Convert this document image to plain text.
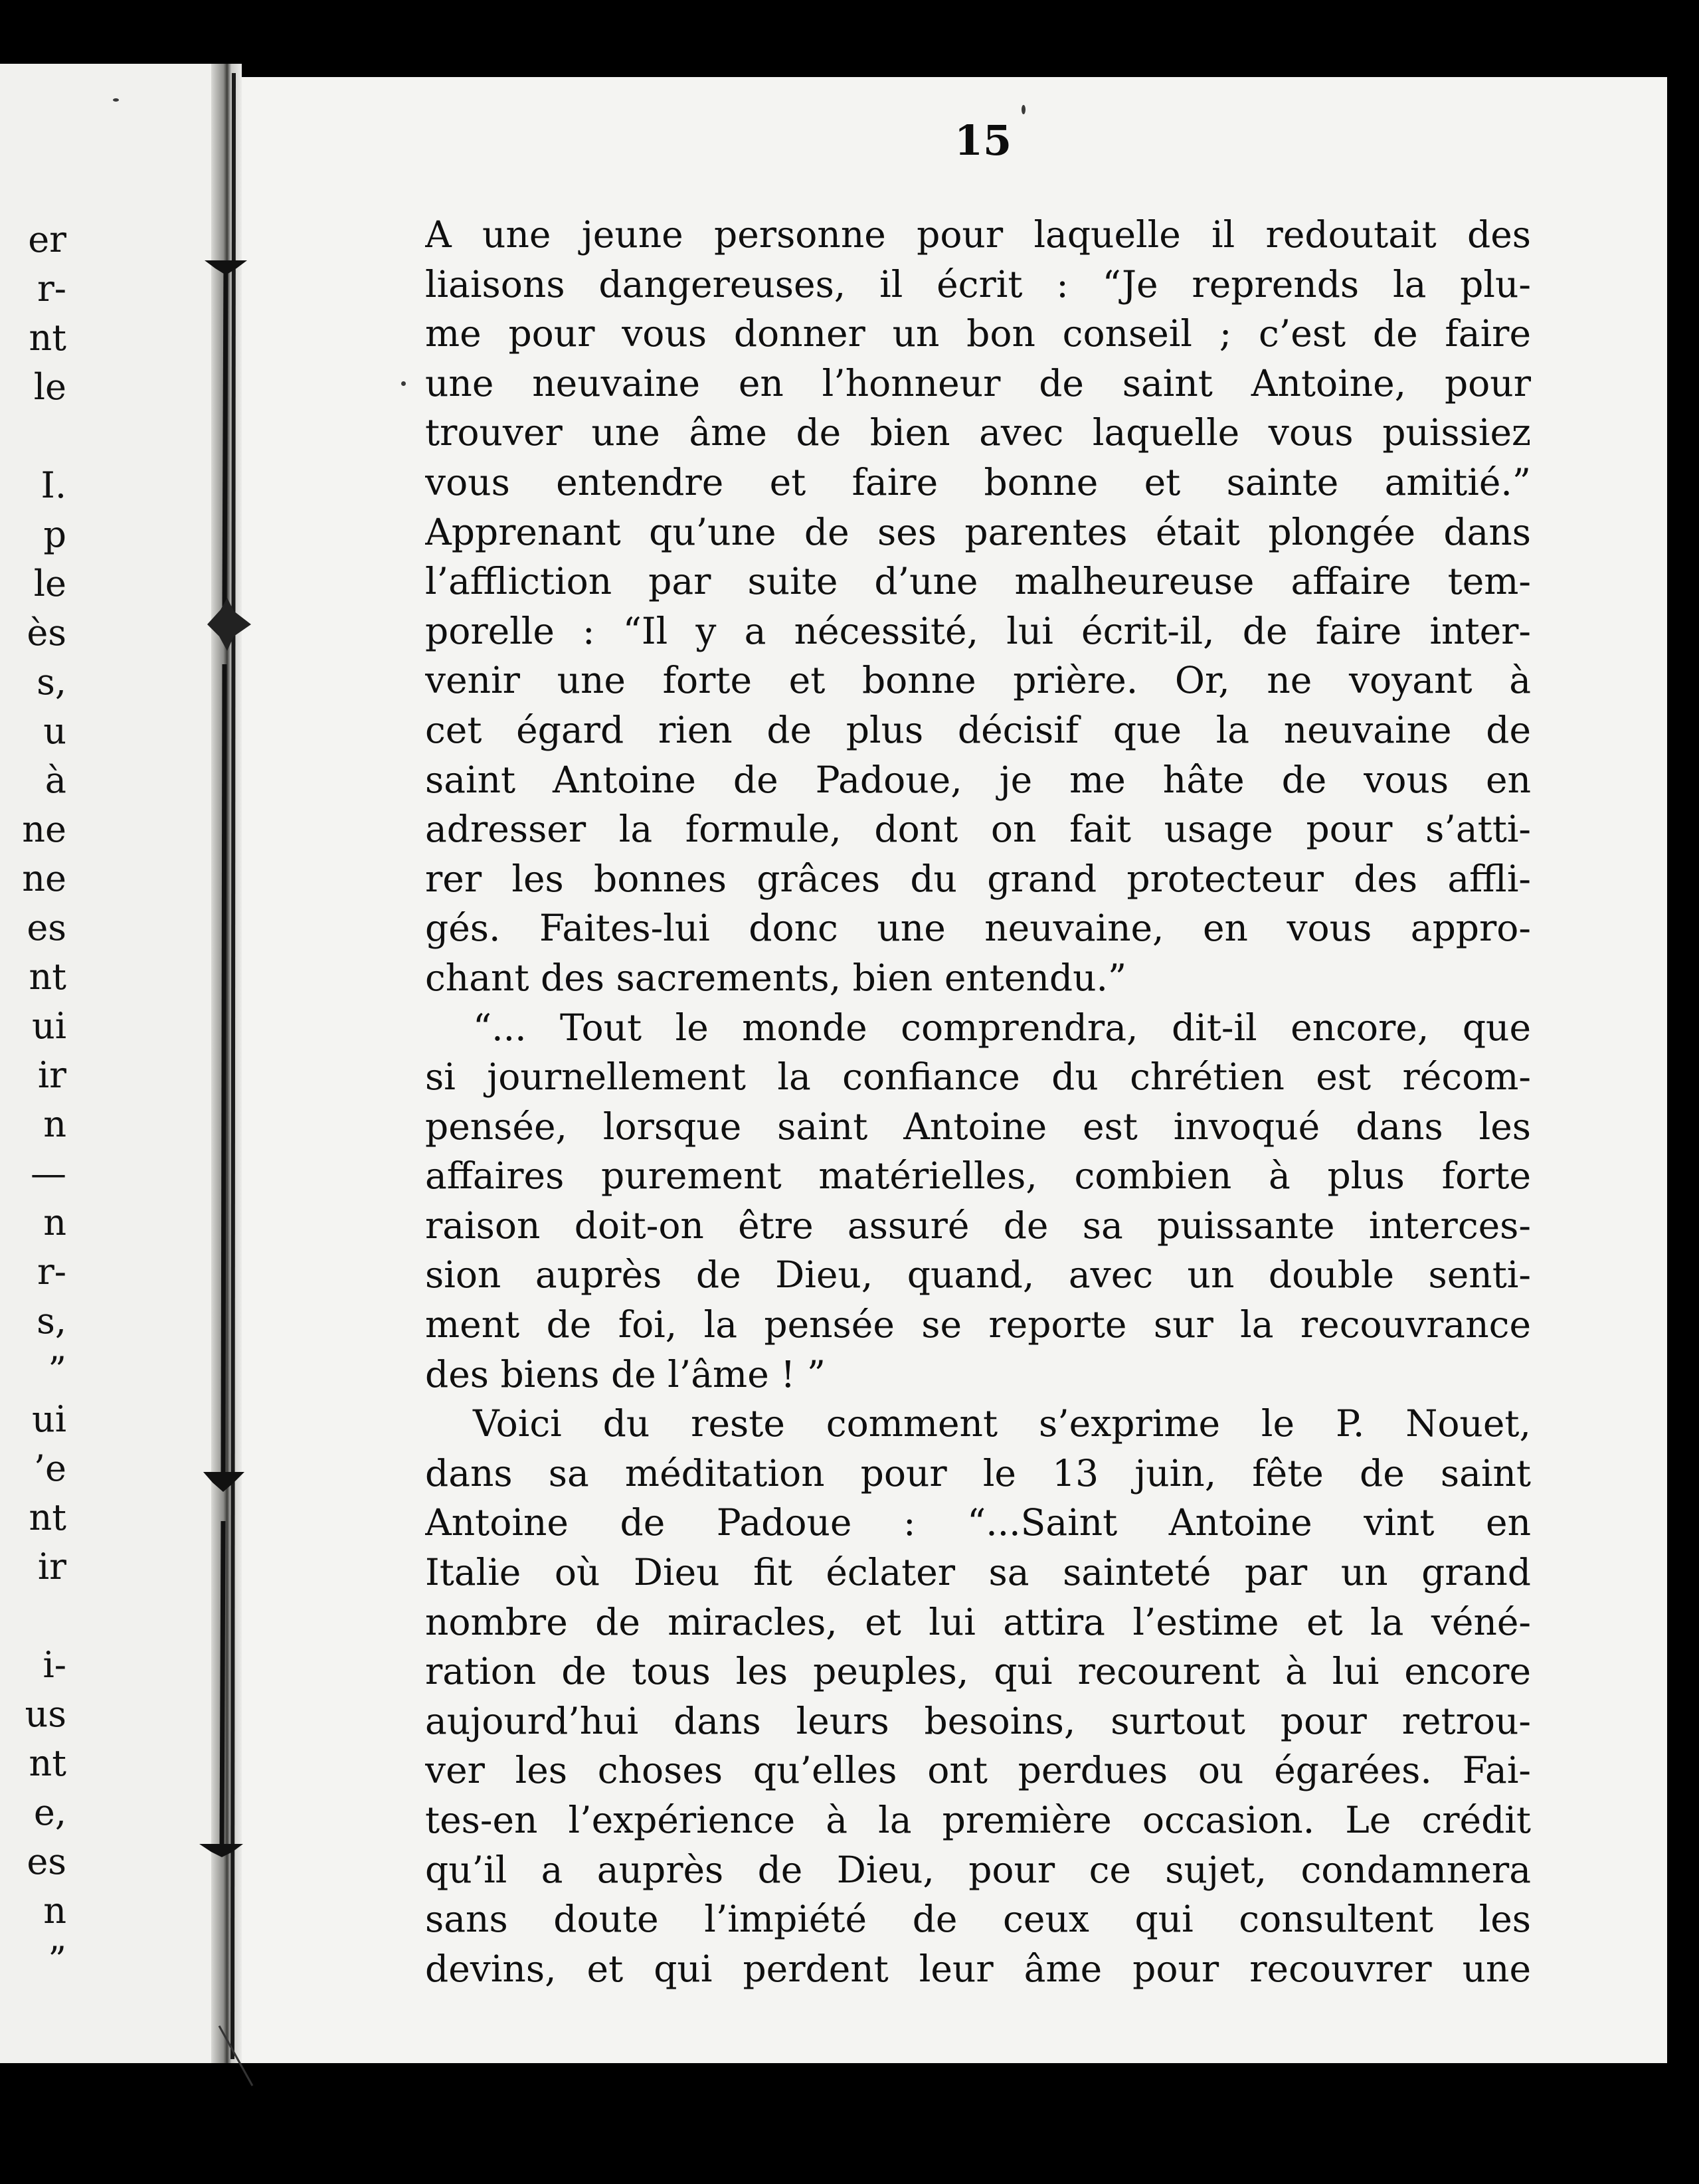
er
r-
nt
le
I.
p
le
ès
s,
u
à
ne
ne
es
nt
ui
ir
n
—
n
r-
s,
”
ui
’e
nt
ir
i-
us
nt
e,
es
n
”
15
A une jeune personne pour laquelle il redoutait des
liaisons dangereuses, il écrit : “Je reprends la plu-
me pour vous donner un bon conseil ; c’est de faire
une neuvaine en l’honneur de saint Antoine, pour
trouver une âme de bien avec laquelle vous puissiez
vous entendre et faire bonne et sainte amitié.”
Apprenant qu’une de ses parentes était plongée dans
l’affliction par suite d’une malheureuse affaire tem-
porelle : “Il y a nécessité, lui écrit-il, de faire inter-
venir une forte et bonne prière. Or, ne voyant à
cet égard rien de plus décisif que la neuvaine de
saint Antoine de Padoue, je me hâte de vous en
adresser la formule, dont on fait usage pour s’atti-
rer les bonnes grâces du grand protecteur des affli-
gés. Faites-lui donc une neuvaine, en vous appro-
chant des sacrements, bien entendu.”
“... Tout le monde comprendra, dit-il encore, que
si journellement la confiance du chrétien est récom-
pensée, lorsque saint Antoine est invoqué dans les
affaires purement matérielles, combien à plus forte
raison doit-on être assuré de sa puissante interces-
sion auprès de Dieu, quand, avec un double senti-
ment de foi, la pensée se reporte sur la recouvrance
des biens de l’âme ! ”
Voici du reste comment s’exprime le P. Nouet,
dans sa méditation pour le 13 juin, fête de saint
Antoine de Padoue : “...Saint Antoine vint en
Italie où Dieu fit éclater sa sainteté par un grand
nombre de miracles, et lui attira l’estime et la véné-
ration de tous les peuples, qui recourent à lui encore
aujourd’hui dans leurs besoins, surtout pour retrou-
ver les choses qu’elles ont perdues ou égarées. Fai-
tes-en l’expérience à la première occasion. Le crédit
qu’il a auprès de Dieu, pour ce sujet, condamnera
sans doute l’impiété de ceux qui consultent les
devins, et qui perdent leur âme pour recouvrer une
